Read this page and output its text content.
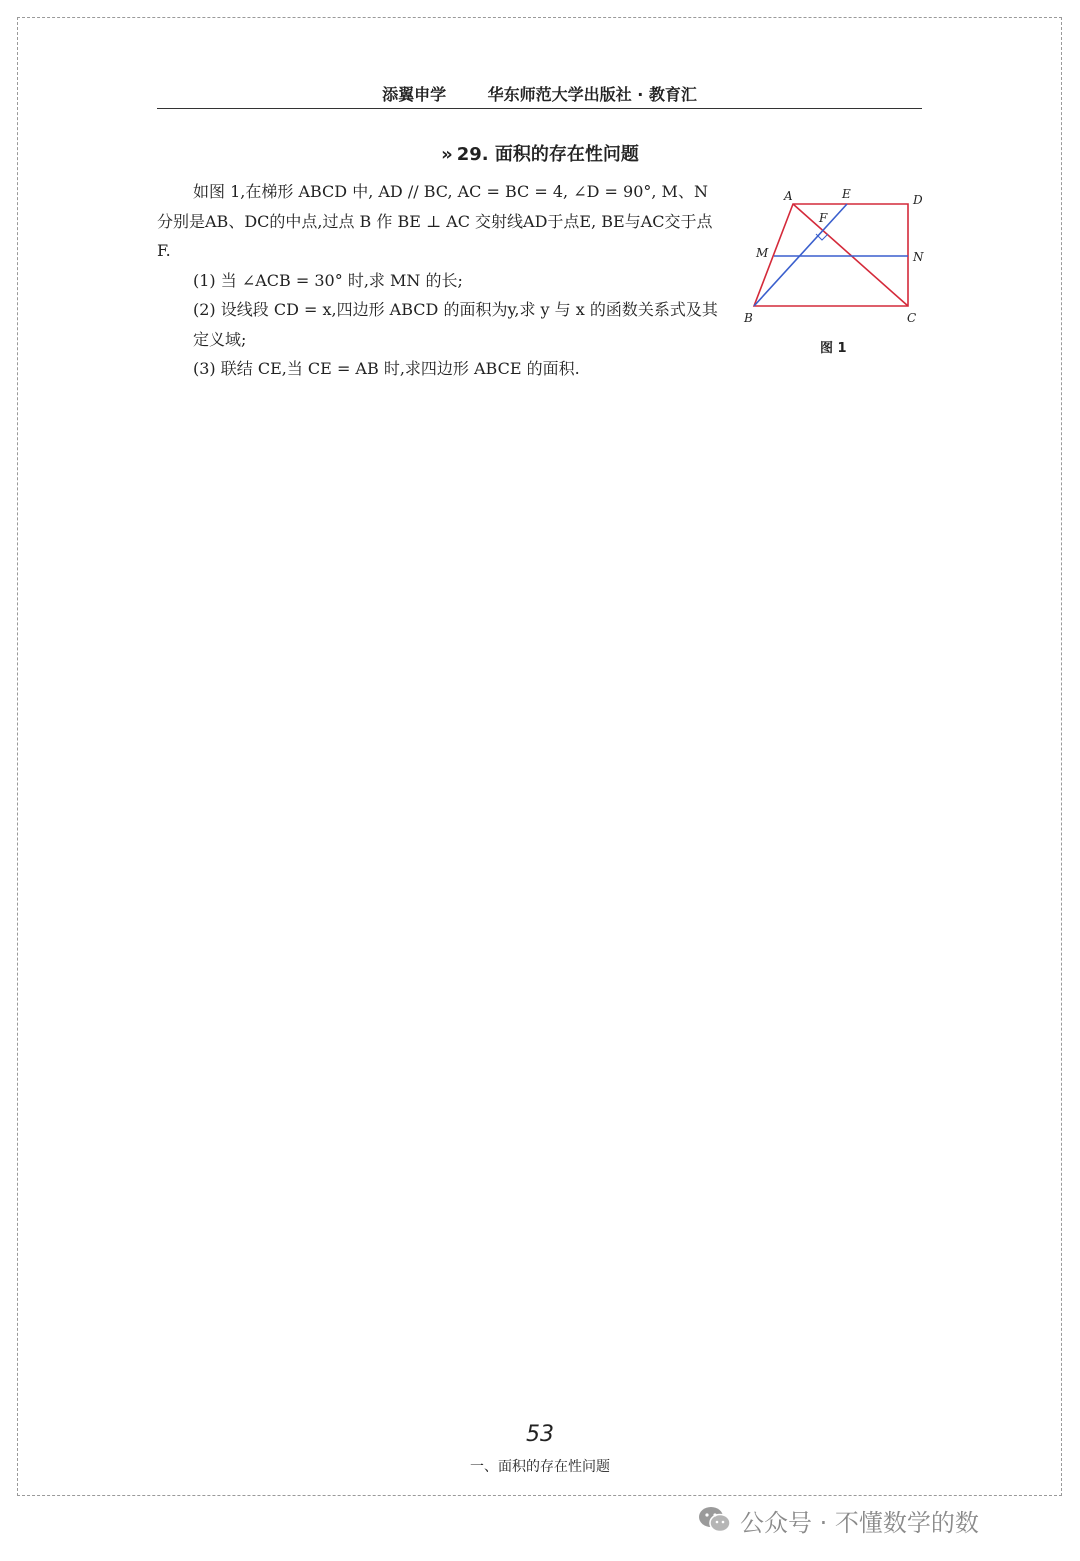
添翼申学	华东师范大学出版社 · 教育汇
» 29. 面积的存在性问题

如图 1,在梯形 ABCD 中, AD // BC, AC = BC = 4, ∠D = 90°, M、N 分别是AB、DC的中点,过点 B 作 BE ⊥ AC 交射线AD于点E, BE与AC交于点F.

(1) 当 ∠ACB = 30° 时,求 MN 的长;

(2) 设线段 CD = x,四边形 ABCD 的面积为y,求 y 与 x 的函数关系式及其定义域;

(3) 联结 CE,当 CE = AB 时,求四边形 ABCE 的面积.

A	E	D
F
M	N
B	C
图 1
53
一、面积的存在性问题
公众号 · 不懂数学的数
